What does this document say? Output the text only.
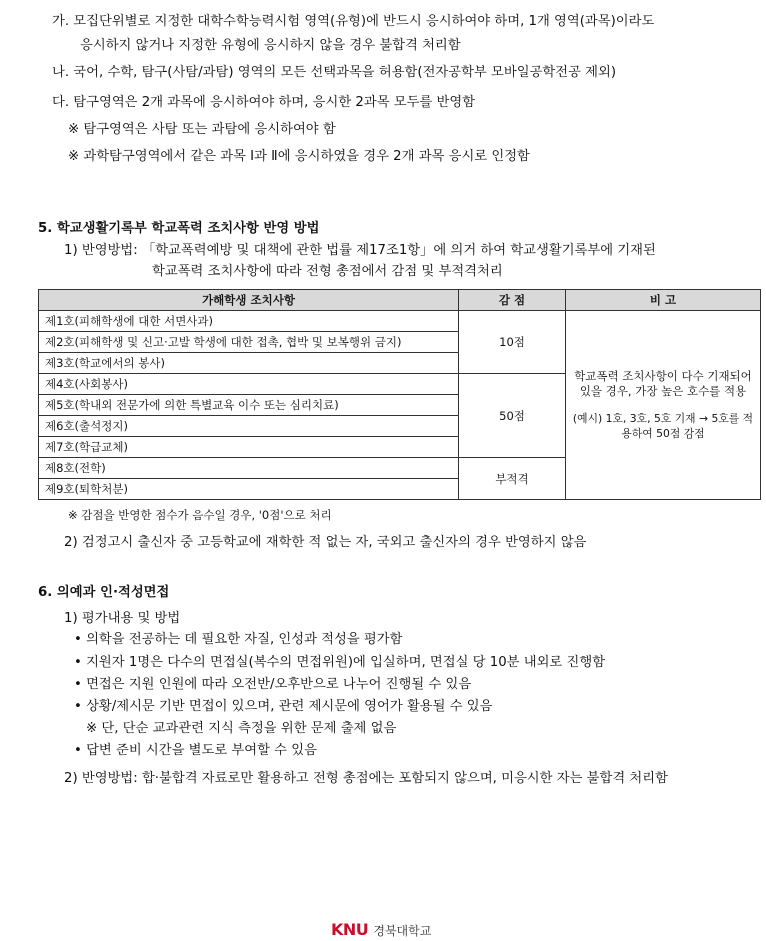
가. 모집단위별로 지정한 대학수학능력시험 영역(유형)에 반드시 응시하여야 하며, 1개 영역(과목)이라도
응시하지 않거나 지정한 유형에 응시하지 않을 경우 불합격 처리함
나. 국어, 수학, 탐구(사탐/과탐) 영역의 모든 선택과목을 허용함(전자공학부 모바일공학전공 제외)
다. 탐구영역은 2개 과목에 응시하여야 하며, 응시한 2과목 모두를 반영함
※ 탐구영역은 사탐 또는 과탐에 응시하여야 함
※ 과학탐구영역에서 같은 과목 Ⅰ과 Ⅱ에 응시하였을 경우 2개 과목 응시로 인정함
5. 학교생활기록부 학교폭력 조치사항 반영 방법
1) 반영방법: 「학교폭력예방 및 대책에 관한 법률 제17조1항」에 의거 하여 학교생활기록부에 기재된
학교폭력 조치사항에 따라 전형 총점에서 감점 및 부적격처리
가해학생 조치사항	감 점	비 고
제1호(피해학생에 대한 서면사과)	10점	학교폭력 조치사항이 다수 기재되어 있을 경우, 가장 높은 호수를 적용

(예시) 1호, 3호, 5호 기재 → 5호를 적용하여 50점 감점

제2호(피해학생 및 신고·고발 학생에 대한 접촉, 협박 및 보복행위 금지)		
제3호(학교에서의 봉사)		
제4호(사회봉사)	50점	
제5호(학내외 전문가에 의한 특별교육 이수 또는 심리치료)		
제6호(출석정지)		
제7호(학급교체)		
제8호(전학)	부적격	
제9호(퇴학처분)		
※ 감점을 반영한 점수가 음수일 경우, '0점'으로 처리
2) 검정고시 출신자 중 고등학교에 재학한 적 없는 자, 국외고 출신자의 경우 반영하지 않음
6. 의예과 인·적성면접
1) 평가내용 및 방법
• 의학을 전공하는 데 필요한 자질, 인성과 적성을 평가함
• 지원자 1명은 다수의 면접실(복수의 면접위원)에 입실하며, 면접실 당 10분 내외로 진행함
• 면접은 지원 인원에 따라 오전반/오후반으로 나누어 진행될 수 있음
• 상황/제시문 기반 면접이 있으며, 관련 제시문에 영어가 활용될 수 있음
※ 단, 단순 교과관련 지식 측정을 위한 문제 출제 없음
• 답변 준비 시간을 별도로 부여할 수 있음
2) 반영방법: 합·불합격 자료로만 활용하고 전형 총점에는 포함되지 않으며, 미응시한 자는 불합격 처리함
KNU 경북대학교
